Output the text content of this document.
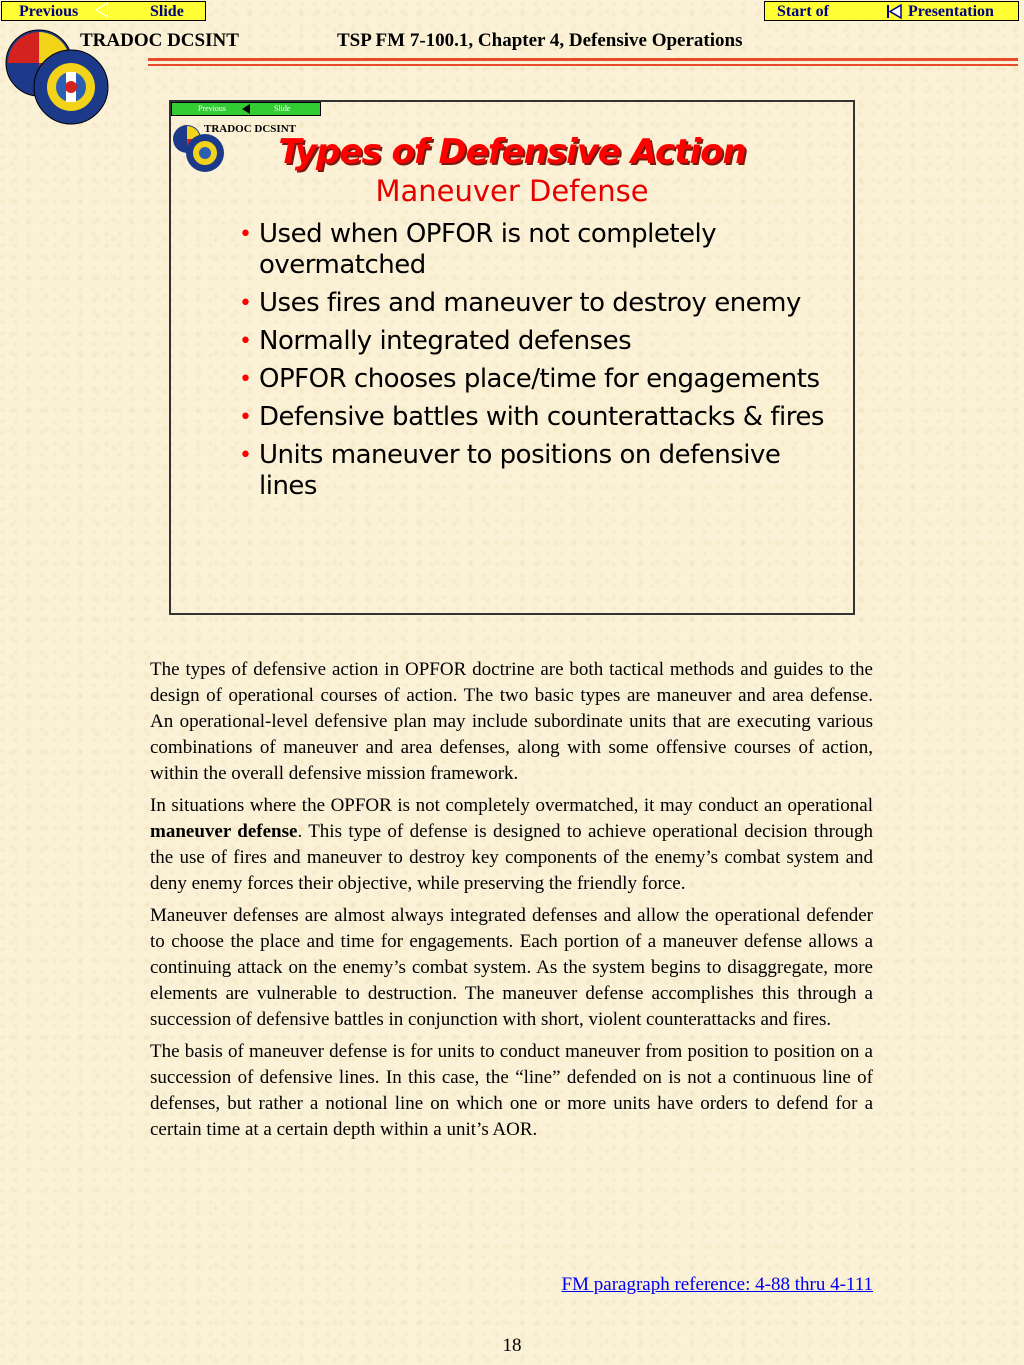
Previous	Slide	Start of	Presentation
TRADOC DCSINT	TSP FM 7-100.1, Chapter 4, Defensive Operations
Previous	Slide
TRADOC DCSINT
Types of Defensive Action
Maneuver Defense
• Used when OPFOR is not completely overmatched
• Uses fires and maneuver to destroy enemy
• Normally integrated defenses
• OPFOR chooses place/time for engagements
• Defensive battles with counterattacks & fires
• Units maneuver to positions on defensive lines

The types of defensive action in OPFOR doctrine are both tactical methods and guides to the design of operational courses of action. The two basic types are maneuver and area defense. An operational-level defensive plan may include subordinate units that are executing various combinations of maneuver and area defenses, along with some offensive courses of action, within the overall defensive mission framework.

In situations where the OPFOR is not completely overmatched, it may conduct an operational maneuver defense. This type of defense is designed to achieve operational decision through the use of fires and maneuver to destroy key components of the enemy’s combat system and deny enemy forces their objective, while preserving the friendly force.

Maneuver defenses are almost always integrated defenses and allow the operational defender to choose the place and time for engagements. Each portion of a maneuver defense allows a continuing attack on the enemy’s combat system. As the system begins to disaggregate, more elements are vulnerable to destruction. The maneuver defense accomplishes this through a succession of defensive battles in conjunction with short, violent counterattacks and fires.

The basis of maneuver defense is for units to conduct maneuver from position to position on a succession of defensive lines. In this case, the “line” defended on is not a continuous line of defenses, but rather a notional line on which one or more units have orders to defend for a certain time at a certain depth within a unit’s AOR.

FM paragraph reference: 4-88 thru 4-111
18
